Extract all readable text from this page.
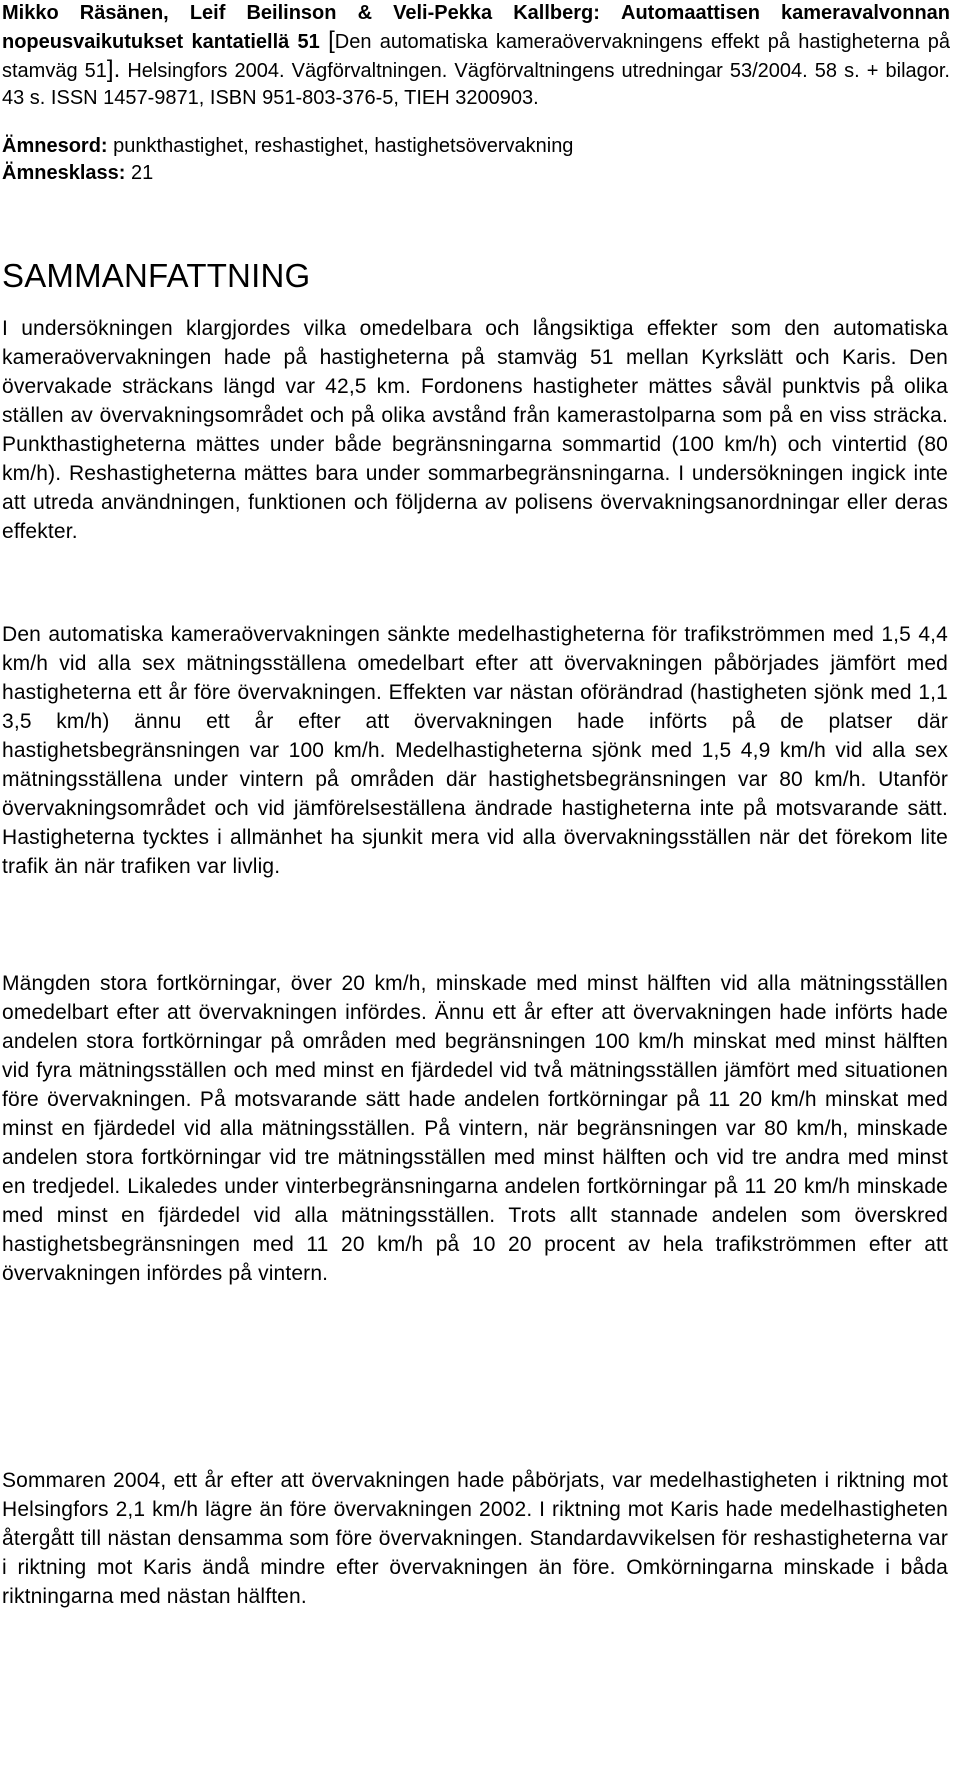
Mikko Räsänen, Leif Beilinson & Veli-Pekka Kallberg: Automaattisen kameravalvonnan nopeusvaikutukset kantatiellä 51 [Den automatiska kameraövervakningens effekt på hastigheterna på stamväg 51]. Helsingfors 2004. Vägförvaltningen. Vägförvaltningens utredningar 53/2004. 58 s. + bilagor. 43 s. ISSN 1457-9871, ISBN 951-803-376-5, TIEH 3200903.
Ämnesord: punkthastighet, reshastighet, hastighetsövervakning
Ämnesklass: 21
SAMMANFATTNING

I undersökningen klargjordes vilka omedelbara och långsiktiga effekter som den automatiska kameraövervakningen hade på hastigheterna på stamväg 51 mellan Kyrkslätt och Karis. Den övervakade sträckans längd var 42,5 km. Fordonens hastigheter mättes såväl punktvis på olika ställen av övervakningsområdet och på olika avstånd från kamerastolparna som på en viss sträcka. Punkthastigheterna mättes under både begränsningarna sommartid (100 km/h) och vintertid (80 km/h). Reshastigheterna mättes bara under sommarbegränsningarna. I undersökningen ingick inte att utreda användningen, funktionen och följderna av polisens övervakningsanordningar eller deras effekter.

Den automatiska kameraövervakningen sänkte medelhastigheterna för trafikströmmen med 1,5 4,4 km/h vid alla sex mätningsställena omedelbart efter att övervakningen påbörjades jämfört med hastigheterna ett år före övervakningen. Effekten var nästan oförändrad (hastigheten sjönk med 1,1 3,5 km/h) ännu ett år efter att övervakningen hade införts på de platser där hastighetsbegränsningen var 100 km/h. Medelhastigheterna sjönk med 1,5 4,9 km/h vid alla sex mätningsställena under vintern på områden där hastighetsbegränsningen var 80 km/h. Utanför övervakningsområdet och vid jämförelseställena ändrade hastigheterna inte på motsvarande sätt. Hastigheterna tycktes i allmänhet ha sjunkit mera vid alla övervakningsställen när det förekom lite trafik än när trafiken var livlig.

Mängden stora fortkörningar, över 20 km/h, minskade med minst hälften vid alla mätningsställen omedelbart efter att övervakningen infördes. Ännu ett år efter att övervakningen hade införts hade andelen stora fortkörningar på områden med begränsningen 100 km/h minskat med minst hälften vid fyra mätningsställen och med minst en fjärdedel vid två mätningsställen jämfört med situationen före övervakningen. På motsvarande sätt hade andelen fortkörningar på 11 20 km/h minskat med minst en fjärdedel vid alla mätningsställen. På vintern, när begränsningen var 80 km/h, minskade andelen stora fortkörningar vid tre mätningsställen med minst hälften och vid tre andra med minst en tredjedel. Likaledes under vinterbegränsningarna andelen fortkörningar på 11 20 km/h minskade med minst en fjärdedel vid alla mätningsställen. Trots allt stannade andelen som överskred hastighetsbegränsningen med 11 20 km/h på 10 20 procent av hela trafikströmmen efter att övervakningen infördes på vintern.

Sommaren 2004, ett år efter att övervakningen hade påbörjats, var medelhastigheten i riktning mot Helsingfors 2,1 km/h lägre än före övervakningen 2002. I riktning mot Karis hade medelhastigheten återgått till nästan densamma som före övervakningen. Standardavvikelsen för reshastigheterna var i riktning mot Karis ändå mindre efter övervakningen än före. Omkörningarna minskade i båda riktningarna med nästan hälften.
